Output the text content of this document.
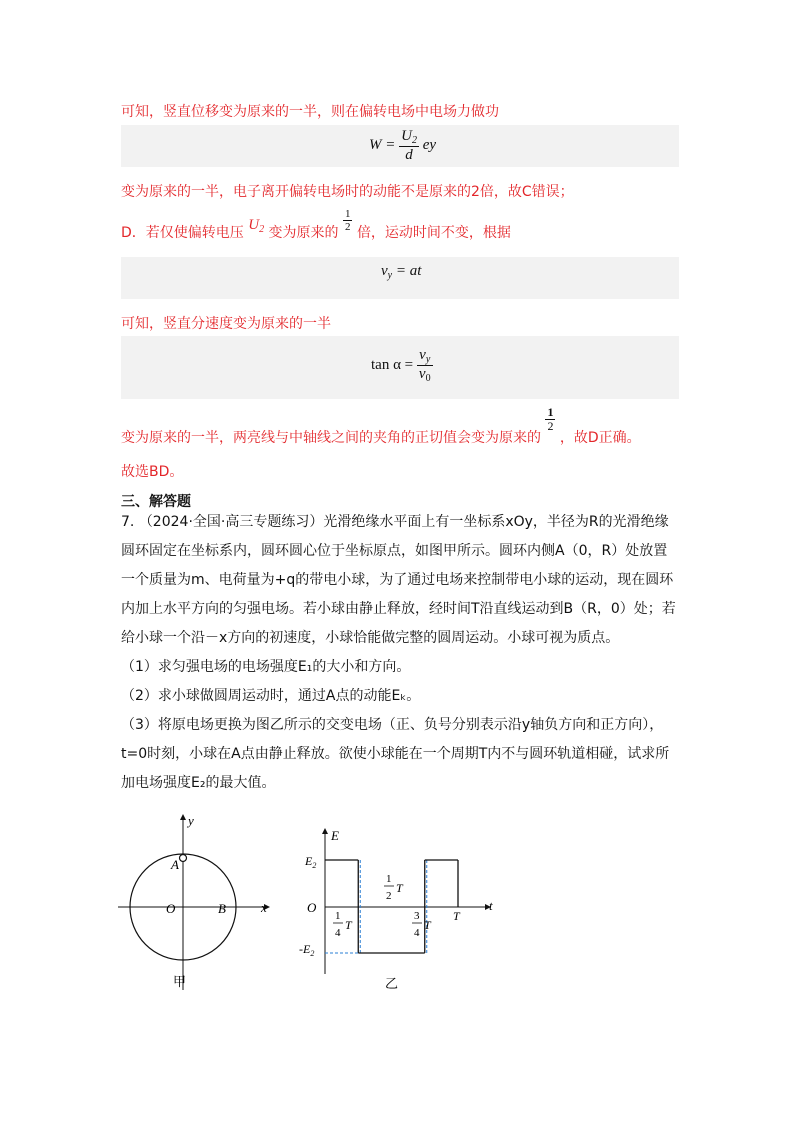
可知，竖直位移变为原来的一半，则在偏转电场中电场力做功
$W = \frac{U_2}{d}$ ey
变为原来的一半，电子离开偏转电场时的动能不是原来的2倍，故C错误；
D．若仅使偏转电压 $U_2$ 变为原来的 $\frac{1}{2}$ 倍，运动时间不变，根据
$v_y$ = at
可知，竖直分速度变为原来的一半
$\tan \alpha = \frac{v_y}{v_0}$
变为原来的一半，两亮线与中轴线之间的夹角的正切值会变为原来的
$\frac{1}{2}$
，故D正确。
故选BD。
三、解答题
7. （2024·全国·高三专题练习）光滑绝缘水平面上有一坐标系xOy，半径为R的光滑绝缘圆环固定在坐标系内，圆环圆心位于坐标原点，如图甲所示。圆环内侧A（0，R）处放置一个质量为m、电荷量为+q的带电小球，为了通过电场来控制带电小球的运动，现在圆环内加上水平方向的匀强电场。若小球由静止释放，经时间T沿直线运动到B（R，0）处；若给小球一个沿－x方向的初速度，小球恰能做完整的圆周运动。小球可视为质点。
（1）求匀强电场的电场强度E₁的大小和方向。
（2）求小球做圆周运动时，通过A点的动能Eₖ。
（3）将原电场更换为图乙所示的交变电场（正、负号分别表示沿y轴负方向和正方向），t=0时刻，小球在A点由静止释放。欲使小球能在一个周期T内不与圆环轨道相碰，试求所加电场强度E₂的最大值。
y
x
O
A
B
甲
E
t
O
$E_2$
$-E_2$
1
4
T
1
2
T
3
4
T
T
乙
